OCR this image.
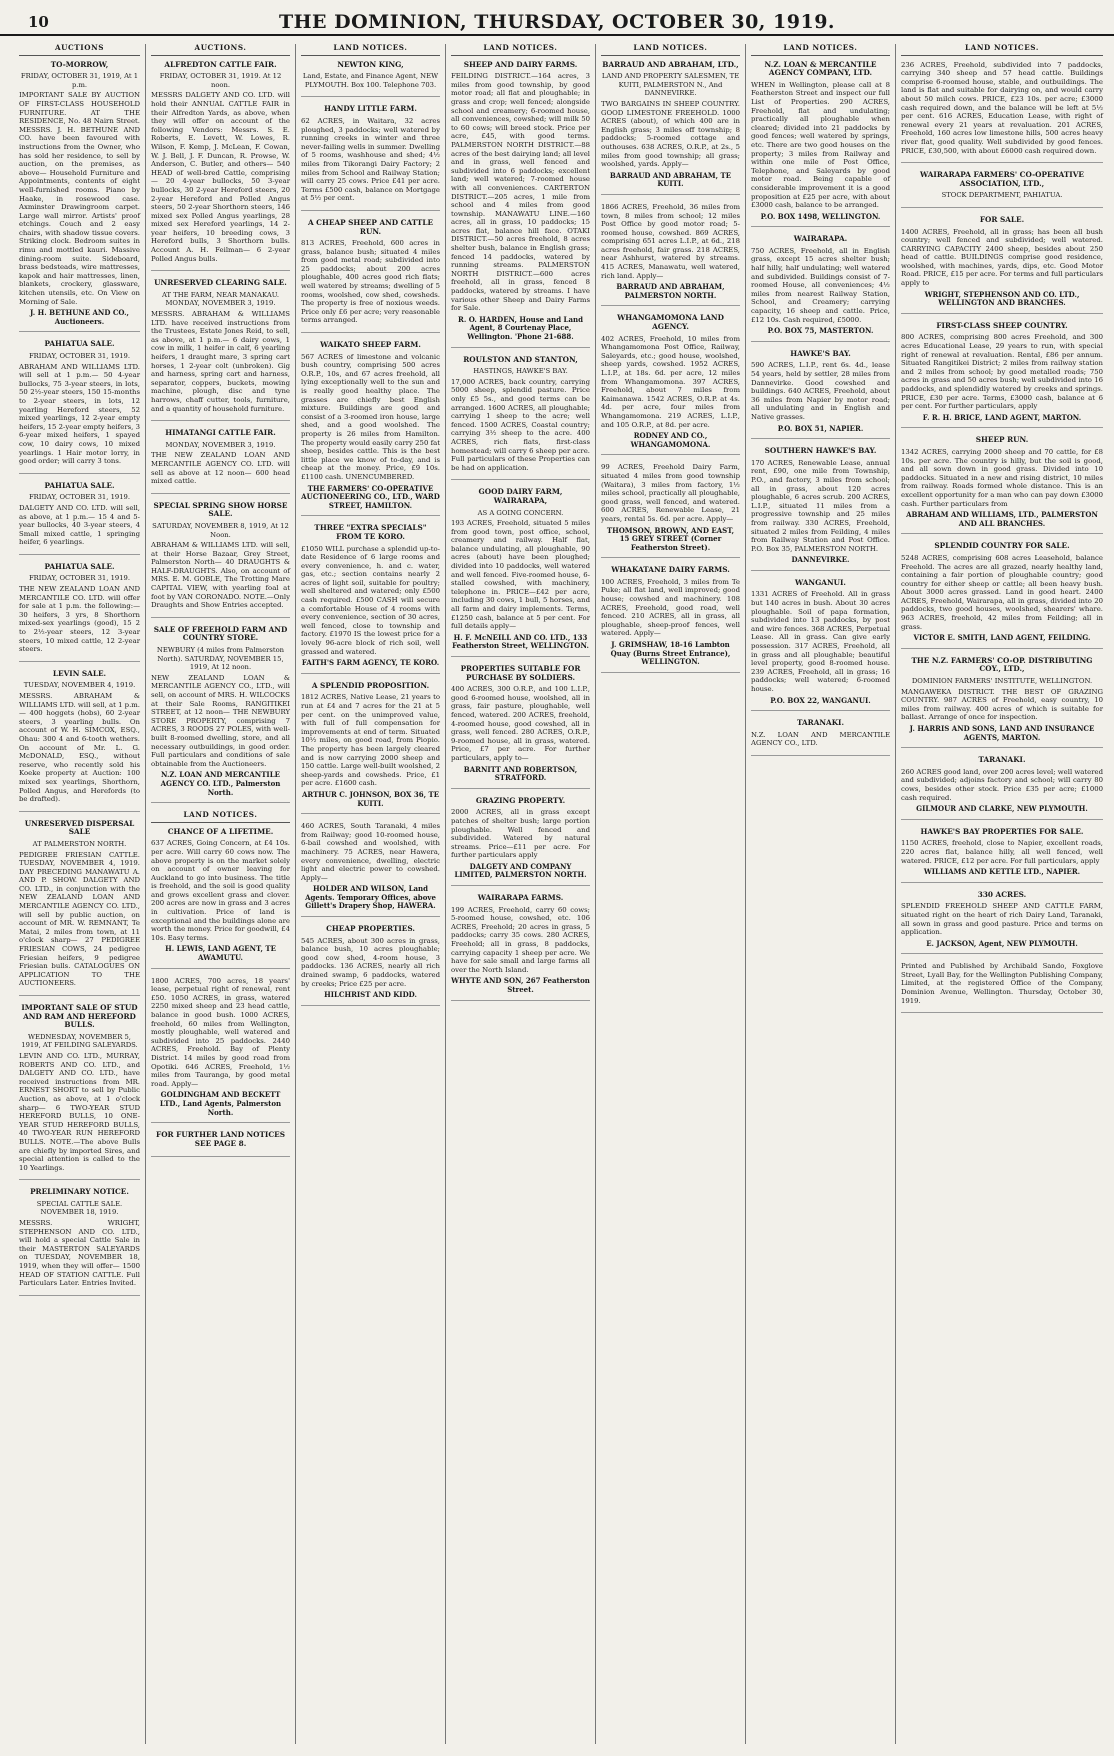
10	THE DOMINION, THURSDAY, OCTOBER 30, 1919.
AUCTIONS
TO-MORROW,
FRIDAY, OCTOBER 31, 1919, At 1 p.m.
IMPORTANT SALE BY AUCTION OF FIRST-CLASS HOUSEHOLD FURNITURE. AT THE RESIDENCE, No. 48 Nairn Street. MESSRS. J. H. BETHUNE AND CO. have been favoured with instructions from the Owner, who has sold her residence, to sell by auction, on the premises, as above— Household Furniture and Appointments, contents of eight well-furnished rooms. Piano by Haake, in rosewood case. Axminster Drawingroom carpet. Large wall mirror. Artists' proof etchings. Couch and 2 easy chairs, with shadow tissue covers. Striking clock. Bedroom suites in rimu and mottled kauri. Massive dining-room suite. Sideboard, brass bedsteads, wire mattresses, kapok and hair mattresses, linen, blankets, crockery, glassware, kitchen utensils, etc. On View on Morning of Sale.
J. H. BETHUNE AND CO., Auctioneers.
PAHIATUA SALE.
FRIDAY, OCTOBER 31, 1919.
ABRAHAM AND WILLIAMS LTD. will sell at 1 p.m.— 50 4-year bullocks, 75 3-year steers, in lots, 50 2½-year steers, 150 15-months to 2-year steers, in lots, 12 yearling Hereford steers, 52 mixed yearlings, 12 2-year empty heifers, 15 2-year empty heifers, 3 6-year mixed heifers, 1 spayed cow, 10 dairy cows, 10 mixed yearlings. 1 Hair motor lorry, in good order; will carry 3 tons.
PAHIATUA SALE.
FRIDAY, OCTOBER 31, 1919.
DALGETY AND CO. LTD. will sell, as above, at 1 p.m.— 15 4 and 5-year bullocks, 40 3-year steers, 4 Small mixed cattle, 1 springing heifer, 6 yearlings.
PAHIATUA SALE.
FRIDAY, OCTOBER 31, 1919.
THE NEW ZEALAND LOAN AND MERCANTILE CO. LTD. will offer for sale at 1 p.m. the following:— 30 heifers, 3 yrs, 8 Shorthorn mixed-sex yearlings (good), 15 2 to 2½-year steers, 12 3-year steers, 10 mixed cattle, 12 2-year steers.
LEVIN SALE.
TUESDAY, NOVEMBER 4, 1919.
MESSRS. ABRAHAM & WILLIAMS LTD. will sell, at 1 p.m.— 400 hoggets (hobs), 60 2-year steers, 3 yearling bulls. On account of W. H. SIMCOX, ESQ., Ohau: 300 4 and 6-tooth wethers. On account of Mr. L. G. McDONALD, ESQ., without reserve, who recently sold his Koeke property at Auction: 100 mixed sex yearlings, Shorthorn, Polled Angus, and Herefords (to be drafted).
UNRESERVED DISPERSAL SALE
AT PALMERSTON NORTH.
PEDIGREE FRIESIAN CATTLE. TUESDAY, NOVEMBER 4, 1919. DAY PRECEDING MANAWATU A. AND P. SHOW. DALGETY AND CO. LTD., in conjunction with the NEW ZEALAND LOAN AND MERCANTILE AGENCY CO. LTD., will sell by public auction, on account of MR. W. REMNANT, Te Matai, 2 miles from town, at 11 o'clock sharp— 27 PEDIGREE FRIESIAN COWS, 24 pedigree Friesian heifers, 9 pedigree Friesian bulls. CATALOGUES ON APPLICATION TO THE AUCTIONEERS.
IMPORTANT SALE OF STUD AND RAM AND HEREFORD BULLS.
WEDNESDAY, NOVEMBER 5, 1919, AT FEILDING SALEYARDS.
LEVIN AND CO. LTD., MURRAY, ROBERTS AND CO. LTD., and DALGETY AND CO. LTD., have received instructions from MR. ERNEST SHORT to sell by Public Auction, as above, at 1 o'clock sharp— 6 TWO-YEAR STUD HEREFORD BULLS, 10 ONE-YEAR STUD HEREFORD BULLS, 40 TWO-YEAR RUN HEREFORD BULLS. NOTE.—The above Bulls are chiefly by imported Sires, and special attention is called to the 10 Yearlings.
PRELIMINARY NOTICE.
SPECIAL CATTLE SALE. NOVEMBER 18, 1919.
MESSRS. WRIGHT, STEPHENSON AND CO. LTD., will hold a special Cattle Sale in their MASTERTON SALEYARDS on TUESDAY, NOVEMBER 18, 1919, when they will offer— 1500 HEAD OF STATION CATTLE. Full Particulars Later. Entries Invited.
AUCTIONS.
ALFREDTON CATTLE FAIR.
FRIDAY, OCTOBER 31, 1919. At 12 noon.
MESSRS DALGETY AND CO. LTD. will hold their ANNUAL CATTLE FAIR in their Alfredton Yards, as above, when they will offer on account of the following Vendors: Messrs. S. E. Roberts, E. Levett, W. Lowes, R. Wilson, F. Kemp, J. McLean, F. Cowan, W. J. Bell, J. F. Duncan, R. Prowse, W. Anderson, C. Butler, and others— 540 HEAD of well-bred Cattle, comprising— 20 4-year bullocks, 50 3-year bullocks, 30 2-year Hereford steers, 20 2-year Hereford and Polled Angus steers, 50 2-year Shorthorn steers, 146 mixed sex Polled Angus yearlings, 28 mixed sex Hereford yearlings, 14 2-year heifers, 10 breeding cows, 3 Hereford bulls, 3 Shorthorn bulls. Account A. H. Feilman— 6 2-year Polled Angus bulls.
UNRESERVED CLEARING SALE.
AT THE FARM, NEAR MANAKAU. MONDAY, NOVEMBER 3, 1919.
MESSRS. ABRAHAM & WILLIAMS LTD. have received instructions from the Trustees, Estate Jones Reid, to sell, as above, at 1 p.m.— 6 dairy cows, 1 cow in milk, 1 heifer in calf, 6 yearling heifers, 1 draught mare, 3 spring cart horses, 1 2-year colt (unbroken). Gig and harness, spring cart and harness, separator, coppers, buckets, mowing machine, plough, disc and tyne harrows, chaff cutter, tools, furniture, and a quantity of household furniture.
HIMATANGI CATTLE FAIR.
MONDAY, NOVEMBER 3, 1919.
THE NEW ZEALAND LOAN AND MERCANTILE AGENCY CO. LTD. will sell as above at 12 noon— 600 head mixed cattle.
SPECIAL SPRING SHOW HORSE SALE.
SATURDAY, NOVEMBER 8, 1919, At 12 Noon.
ABRAHAM & WILLIAMS LTD. will sell, at their Horse Bazaar, Grey Street, Palmerston North— 40 DRAUGHTS & HALF-DRAUGHTS. Also, on account of MRS. E. M. GOBLE, The Trotting Mare CAPITAL VIEW, with yearling foal at foot by VAN CORONADO. NOTE.—Only Draughts and Show Entries accepted.
SALE OF FREEHOLD FARM AND COUNTRY STORE.
NEWBURY (4 miles from Palmerston North). SATURDAY, NOVEMBER 15, 1919, At 12 noon.
NEW ZEALAND LOAN & MERCANTILE AGENCY CO., LTD., will sell, on account of MRS. H. WILCOCKS at their Sale Rooms, RANGITIKEI STREET, at 12 noon— THE NEWBURY STORE PROPERTY, comprising 7 ACRES, 3 ROODS 27 POLES, with well-built 8-roomed dwelling, store, and all necessary outbuildings, in good order. Full particulars and conditions of sale obtainable from the Auctioneers.
N.Z. LOAN AND MERCANTILE AGENCY CO. LTD., Palmerston North.
LAND NOTICES.
CHANCE OF A LIFETIME.
637 ACRES, Going Concern, at £4 10s. per acre. Will carry 60 cows now. The above property is on the market solely on account of owner leaving for Auckland to go into business. The title is freehold, and the soil is good quality and grows excellent grass and clover. 200 acres are now in grass and 3 acres in cultivation. Price of land is exceptional and the buildings alone are worth the money. Price for goodwill, £4 10s. Easy terms.
H. LEWIS, LAND AGENT, TE AWAMUTU.
1800 ACRES, 700 acres, 18 years' lease, perpetual right of renewal, rent £50. 1050 ACRES, in grass, watered 2250 mixed sheep and 23 head cattle, balance in good bush. 1000 ACRES, freehold, 60 miles from Wellington, mostly ploughable, well watered and subdivided into 25 paddocks. 2440 ACRES, Freehold. Bay of Plenty District. 14 miles by good road from Opotiki. 646 ACRES, Freehold, 1½ miles from Tauranga, by good metal road. Apply—
GOLDINGHAM AND BECKETT LTD., Land Agents, Palmerston North.
FOR FURTHER LAND NOTICES SEE PAGE 8.
LAND NOTICES.
NEWTON KING,
Land, Estate, and Finance Agent, NEW PLYMOUTH. Box 100. Telephone 703.
HANDY LITTLE FARM.
62 ACRES, in Waitara, 32 acres ploughed, 3 paddocks; well watered by running creeks in winter and three never-failing wells in summer. Dwelling of 5 rooms, washhouse and shed; 4½ miles from Tikorangi Dairy Factory; 2 miles from School and Railway Station; will carry 25 cows. Price £41 per acre. Terms £500 cash, balance on Mortgage at 5½ per cent.
A CHEAP SHEEP AND CATTLE RUN.
813 ACRES, Freehold, 600 acres in grass, balance bush; situated 4 miles from good metal road; subdivided into 25 paddocks; about 200 acres ploughable, 400 acres good rich flats; well watered by streams; dwelling of 5 rooms, woolshed, cow shed, cowsheds. The property is free of noxious weeds. Price only £6 per acre; very reasonable terms arranged.
WAIKATO SHEEP FARM.
567 ACRES of limestone and volcanic bush country, comprising 500 acres O.R.P., 10s, and 67 acres freehold, all lying exceptionally well to the sun and is really good healthy place. The grasses are chiefly best English mixture. Buildings are good and consist of a 3-roomed iron house, large shed, and a good woolshed. The property is 26 miles from Hamilton. The property would easily carry 250 fat sheep, besides cattle. This is the best little place we know of to-day, and is cheap at the money. Price, £9 10s. £1100 cash. UNENCUMBERED.
THE FARMERS' CO-OPERATIVE AUCTIONEERING CO., LTD., WARD STREET, HAMILTON.
THREE "EXTRA SPECIALS" FROM TE KORO.
£1050 WILL purchase a splendid up-to-date Residence of 6 large rooms and every convenience, h. and c. water, gas, etc.; section contains nearly 2 acres of light soil, suitable for poultry; well sheltered and watered; only £500 cash required. £500 CASH will secure a comfortable House of 4 rooms with every convenience, section of 30 acres, well fenced, close to township and factory. £1970 IS the lowest price for a lovely 96-acre block of rich soil, well grassed and watered.
FAITH'S FARM AGENCY, TE KORO.
A SPLENDID PROPOSITION.
1812 ACRES, Native Lease, 21 years to run at £4 and 7 acres for the 21 at 5 per cent. on the unimproved value, with full of full compensation for improvements at end of term. Situated 10½ miles, on good road, from Piopio. The property has been largely cleared and is now carrying 2000 sheep and 150 cattle. Large well-built woolshed, 2 sheep-yards and cowsheds. Price, £1 per acre. £1600 cash.
ARTHUR C. JOHNSON, BOX 36, TE KUITI.
460 ACRES, South Taranaki, 4 miles from Railway; good 10-roomed house, 6-bail cowshed and woolshed, with machinery. 75 ACRES, near Hawera, every convenience, dwelling, electric light and electric power to cowshed. Apply—
HOLDER AND WILSON, Land Agents. Temporary Offices, above Gillett's Drapery Shop, HAWERA.
CHEAP PROPERTIES.
545 ACRES, about 300 acres in grass, balance bush, 10 acres ploughable; good cow shed, 4-room house, 3 paddocks. 136 ACRES, nearly all rich drained swamp, 6 paddocks, watered by creeks; Price £25 per acre.
HILCHRIST AND KIDD.
LAND NOTICES.
SHEEP AND DAIRY FARMS.
FEILDING DISTRICT.—164 acres, 3 miles from good township, by good motor road; all flat and ploughable; in grass and crop; well fenced; alongside school and creamery; 6-roomed house, all conveniences, cowshed; will milk 50 to 60 cows; will breed stock. Price per acre, £45, with good terms. PALMERSTON NORTH DISTRICT.—88 acres of the best dairying land; all level and in grass, well fenced and subdivided into 6 paddocks; excellent land; well watered; 7-roomed house with all conveniences. CARTERTON DISTRICT.—205 acres, 1 mile from school and 4 miles from good township. MANAWATU LINE.—160 acres, all in grass, 10 paddocks; 15 acres flat, balance hill face. OTAKI DISTRICT.—50 acres freehold, 8 acres shelter bush, balance in English grass; fenced 14 paddocks, watered by running streams. PALMERSTON NORTH DISTRICT.—600 acres freehold, all in grass, fenced 8 paddocks, watered by streams. I have various other Sheep and Dairy Farms for Sale.
R. O. HARDEN, House and Land Agent, 8 Courtenay Place, Wellington. 'Phone 21-688.
ROULSTON AND STANTON,
HASTINGS, HAWKE'S BAY.
17,000 ACRES, back country, carrying 5000 sheep, splendid pasture. Price only £5 5s., and good terms can be arranged. 1600 ACRES, all ploughable; carrying 1 sheep to the acre; well fenced. 1500 ACRES, Coastal country; carrying 3½ sheep to the acre. 400 ACRES, rich flats, first-class homestead; will carry 6 sheep per acre. Full particulars of these Properties can be had on application.
GOOD DAIRY FARM, WAIRARAPA,
AS A GOING CONCERN.
193 ACRES, Freehold, situated 5 miles from good town, post office, school, creamery and railway. Half flat, balance undulating, all ploughable, 90 acres (about) have been ploughed; divided into 10 paddocks, well watered and well fenced. Five-roomed house, 6-stalled cowshed, with machinery, telephone in. PRICE—£42 per acre, including 30 cows, 1 bull, 5 horses, and all farm and dairy implements. Terms, £1250 cash, balance at 5 per cent. For full details apply—
H. F. McNEILL AND CO. LTD., 133 Featherston Street, WELLINGTON.
PROPERTIES SUITABLE FOR PURCHASE BY SOLDIERS.
400 ACRES, 300 O.R.P., and 100 L.I.P., good 6-roomed house, woolshed, all in grass, fair pasture, ploughable, well fenced, watered. 200 ACRES, freehold, 4-roomed house, good cowshed, all in grass, well fenced. 280 ACRES, O.R.P., 9-roomed house, all in grass, watered. Price, £7 per acre. For further particulars, apply to—
BARNITT AND ROBERTSON, STRATFORD.
GRAZING PROPERTY.
2000 ACRES, all in grass except patches of shelter bush; large portion ploughable. Well fenced and subdivided. Watered by natural streams. Price—£11 per acre. For further particulars apply
DALGETY AND COMPANY LIMITED, PALMERSTON NORTH.
WAIRARAPA FARMS.
199 ACRES, Freehold, carry 60 cows; 5-roomed house, cowshed, etc. 106 ACRES, Freehold; 20 acres in grass, 5 paddocks; carry 35 cows. 280 ACRES, Freehold; all in grass, 8 paddocks, carrying capacity 1 sheep per acre. We have for sale small and large farms all over the North Island.
WHYTE AND SON, 267 Featherston Street.
LAND NOTICES.
BARRAUD AND ABRAHAM, LTD.,
LAND AND PROPERTY SALESMEN, TE KUITI, PALMERSTON N., And DANNEVIRKE.
TWO BARGAINS IN SHEEP COUNTRY. GOOD LIMESTONE FREEHOLD. 1000 ACRES (about), of which 400 are in English grass; 3 miles off township; 8 paddocks; 5-roomed cottage and outhouses. 638 ACRES, O.R.P., at 2s., 5 miles from good township; all grass; woolshed, yards. Apply—
BARRAUD AND ABRAHAM, TE KUITI.
1866 ACRES, Freehold, 36 miles from town, 8 miles from school; 12 miles Post Office by good motor road; 5-roomed house, cowshed. 869 ACRES, comprising 651 acres L.I.P., at 6d., 218 acres freehold, fair grass. 218 ACRES, near Ashhurst, watered by streams. 415 ACRES, Manawatu, well watered, rich land. Apply—
BARRAUD AND ABRAHAM, PALMERSTON NORTH.
WHANGAMOMONA LAND AGENCY.
402 ACRES, Freehold, 10 miles from Whangamomona Post Office, Railway, Saleyards, etc.; good house, woolshed, sheep yards, cowshed. 1952 ACRES, L.I.P., at 18s. 6d. per acre, 12 miles from Whangamomona. 397 ACRES, Freehold, about 7 miles from Kaimanawa. 1542 ACRES, O.R.P. at 4s. 4d. per acre, four miles from Whangamomona. 219 ACRES, L.I.P., and 105 O.R.P., at 8d. per acre.
RODNEY AND CO., WHANGAMOMONA.
99 ACRES, Freehold Dairy Farm, situated 4 miles from good township (Waitara), 3 miles from factory, 1½ miles school, practically all ploughable, good grass, well fenced, and watered. 600 ACRES, Renewable Lease, 21 years, rental 5s. 6d. per acre. Apply—
THOMSON, BROWN, AND EAST, 15 GREY STREET (Corner Featherston Street).
WHAKATANE DAIRY FARMS.
100 ACRES, Freehold, 3 miles from Te Puke; all flat land, well improved; good house; cowshed and machinery. 108 ACRES, Freehold, good road, well fenced. 210 ACRES, all in grass, all ploughable, sheep-proof fences, well watered. Apply—
J. GRIMSHAW, 18-16 Lambton Quay (Burns Street Entrance), WELLINGTON.
LAND NOTICES.
N.Z. LOAN & MERCANTILE AGENCY COMPANY, LTD.
WHEN in Wellington, please call at 8 Featherston Street and inspect our full List of Properties. 290 ACRES, Freehold, flat and undulating; practically all ploughable when cleared; divided into 21 paddocks by good fences; well watered by springs, etc. There are two good houses on the property; 3 miles from Railway and within one mile of Post Office, Telephone, and Saleyards by good motor road. Being capable of considerable improvement it is a good proposition at £25 per acre, with about £3000 cash, balance to be arranged.
P.O. BOX 1498, WELLINGTON.
WAIRARAPA.
750 ACRES, Freehold, all in English grass, except 15 acres shelter bush; half hilly, half undulating; well watered and subdivided. Buildings consist of 7-roomed House, all conveniences; 4½ miles from nearest Railway Station, School, and Creamery; carrying capacity, 16 sheep and cattle. Price, £12 10s. Cash required, £5000.
P.O. BOX 75, MASTERTON.
HAWKE'S BAY.
590 ACRES, L.I.P., rent 6s. 4d., lease 54 years, held by settler, 28 miles from Dannevirke. Good cowshed and buildings. 640 ACRES, Freehold, about 36 miles from Napier by motor road; all undulating and in English and Native grasses.
P.O. BOX 51, NAPIER.
SOUTHERN HAWKE'S BAY.
170 ACRES, Renewable Lease, annual rent, £90, one mile from Township, P.O., and factory, 3 miles from school; all in grass, about 120 acres ploughable, 6 acres scrub. 200 ACRES, L.I.P., situated 11 miles from a progressive township and 25 miles from railway. 330 ACRES, Freehold, situated 2 miles from Feilding, 4 miles from Railway Station and Post Office. P.O. Box 35, PALMERSTON NORTH.
DANNEVIRKE.
WANGANUI.
1331 ACRES of Freehold. All in grass but 140 acres in bush. About 30 acres ploughable. Soil of papa formation, subdivided into 13 paddocks, by post and wire fences. 368 ACRES, Perpetual Lease. All in grass. Can give early possession. 317 ACRES, Freehold, all in grass and all ploughable; beautiful level property, good 8-roomed house. 239 ACRES, Freehold, all in grass; 16 paddocks; well watered; 6-roomed house.
P.O. BOX 22, WANGANUI.
TARANAKI.
N.Z. LOAN AND MERCANTILE AGENCY CO., LTD.
LAND NOTICES.
236 ACRES, Freehold, subdivided into 7 paddocks, carrying 340 sheep and 57 head cattle. Buildings comprise 6-roomed house, stable, and outbuildings. The land is flat and suitable for dairying on, and would carry about 50 milch cows. PRICE, £23 10s. per acre; £3000 cash required down, and the balance will be left at 5½ per cent. 616 ACRES, Education Lease, with right of renewal every 21 years at revaluation. 201 ACRES, Freehold, 160 acres low limestone hills, 500 acres heavy river flat, good quality. Well subdivided by good fences. PRICE, £30,500, with about £6000 cash required down.
WAIRARAPA FARMERS' CO-OPERATIVE ASSOCIATION, LTD.,
STOCK DEPARTMENT, PAHIATUA.
FOR SALE.
1400 ACRES, Freehold, all in grass; has been all bush country; well fenced and subdivided; well watered. CARRYING CAPACITY 2400 sheep, besides about 250 head of cattle. BUILDINGS comprise good residence, woolshed, with machines, yards, dips, etc. Good Motor Road. PRICE, £15 per acre. For terms and full particulars apply to
WRIGHT, STEPHENSON AND CO. LTD., WELLINGTON AND BRANCHES.
FIRST-CLASS SHEEP COUNTRY.
800 ACRES, comprising 800 acres Freehold, and 300 acres Educational Lease, 29 years to run, with special right of renewal at revaluation. Rental, £86 per annum. Situated Rangitikei District; 2 miles from railway station and 2 miles from school; by good metalled roads; 750 acres in grass and 50 acres bush; well subdivided into 16 paddocks, and splendidly watered by creeks and springs. PRICE, £30 per acre. Terms, £3000 cash, balance at 6 per cent. For further particulars, apply
F. R. H. BRICE, LAND AGENT, MARTON.
SHEEP RUN.
1342 ACRES, carrying 2000 sheep and 70 cattle, for £8 10s. per acre. The country is hilly, but the soil is good, and all sown down in good grass. Divided into 10 paddocks. Situated in a new and rising district, 10 miles from railway. Roads formed whole distance. This is an excellent opportunity for a man who can pay down £3000 cash. Further particulars from
ABRAHAM AND WILLIAMS, LTD., PALMERSTON AND ALL BRANCHES.
SPLENDID COUNTRY FOR SALE.
5248 ACRES, comprising 608 acres Leasehold, balance Freehold. The acres are all grazed, nearly healthy land, containing a fair portion of ploughable country; good country for either sheep or cattle; all been heavy bush. About 3000 acres grassed. Land in good heart. 2400 ACRES, Freehold, Wairarapa, all in grass, divided into 20 paddocks, two good houses, woolshed, shearers' whare. 963 ACRES, freehold, 42 miles from Feilding; all in grass.
VICTOR E. SMITH, LAND AGENT, FEILDING.
THE N.Z. FARMERS' CO-OP. DISTRIBUTING COY., LTD.,
DOMINION FARMERS' INSTITUTE, WELLINGTON.
MANGAWEKA DISTRICT. THE BEST OF GRAZING COUNTRY. 987 ACRES of Freehold, easy country, 10 miles from railway. 400 acres of which is suitable for ballast. Arrange of once for inspection.
J. HARRIS AND SONS, LAND AND INSURANCE AGENTS, MARTON.
TARANAKI.
260 ACRES good land, over 200 acres level; well watered and subdivided; adjoins factory and school; will carry 80 cows, besides other stock. Price £35 per acre; £1000 cash required.
GILMOUR AND CLARKE, NEW PLYMOUTH.
HAWKE'S BAY PROPERTIES FOR SALE.
1150 ACRES, freehold, close to Napier, excellent roads, 220 acres flat, balance hilly, all well fenced, well watered. PRICE, £12 per acre. For full particulars, apply
WILLIAMS AND KETTLE LTD., NAPIER.
330 ACRES.
SPLENDID FREEHOLD SHEEP AND CATTLE FARM, situated right on the heart of rich Dairy Land, Taranaki, all sown in grass and good pasture. Price and terms on application.
E. JACKSON, Agent, NEW PLYMOUTH.
Printed and Published by Archibald Sando, Foxglove Street, Lyall Bay, for the Wellington Publishing Company, Limited, at the registered Office of the Company, Dominion Avenue, Wellington. Thursday, October 30, 1919.
